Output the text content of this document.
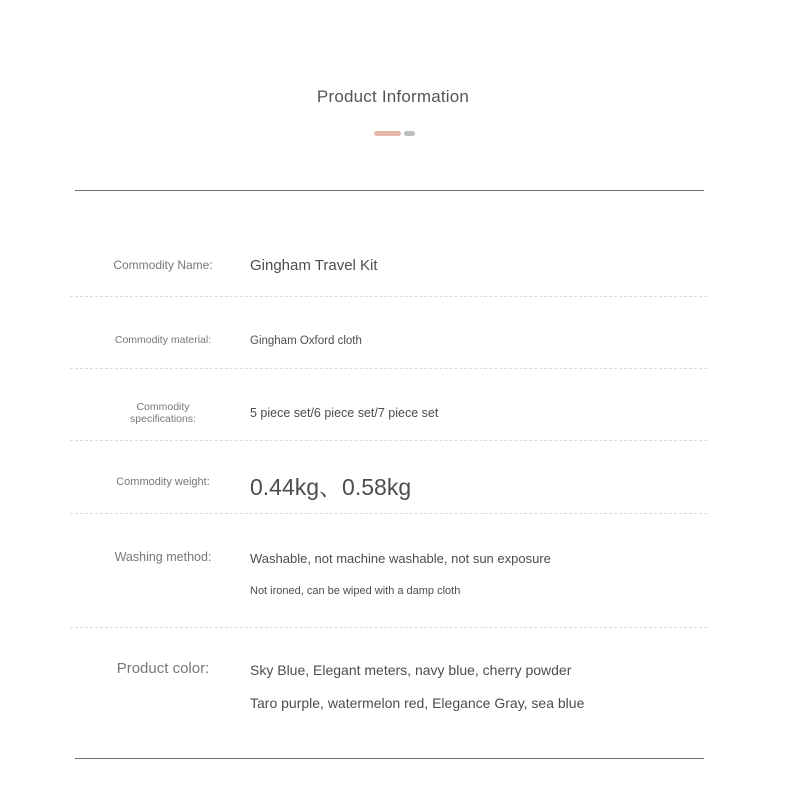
Product Information
Commodity Name:	Gingham Travel Kit
Commodity material:	Gingham Oxford cloth
Commodity
specifications:	5 piece set/6 piece set/7 piece set
Commodity weight:	0.44kg、0.58kg
Washing method:	Washable, not machine washable, not sun exposure
Not ironed, can be wiped with a damp cloth
Product color:	Sky Blue, Elegant meters, navy blue, cherry powder
Taro purple, watermelon red, Elegance Gray, sea blue
